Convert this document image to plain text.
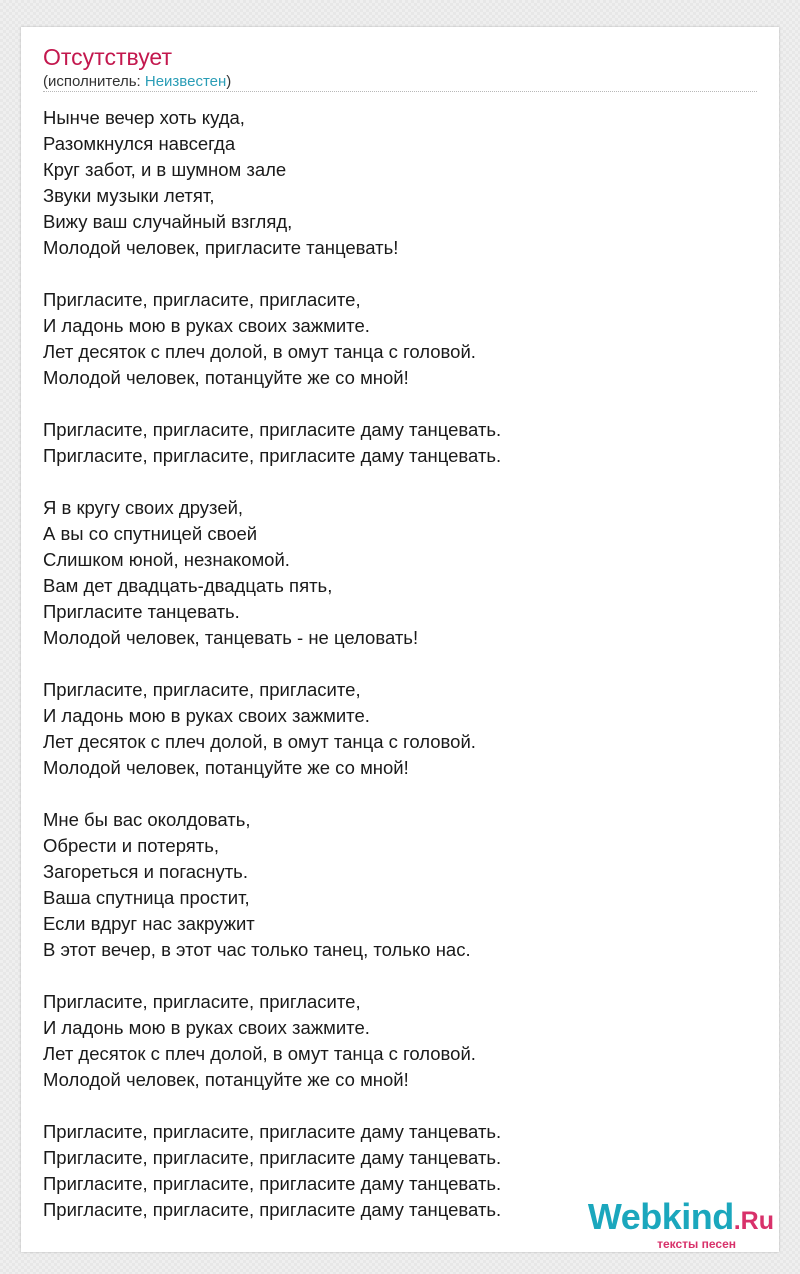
Отсутствует
(исполнитель: Неизвестен)
Нынче вечер хоть куда,
Разомкнулся навсегда
Круг забот, и в шумном зале
Звуки музыки летят,
Вижу ваш случайный взгляд,
Молодой человек, пригласите танцевать!
Пригласите, пригласите, пригласите,
И ладонь мою в руках своих зажмите.
Лет десяток с плеч долой, в омут танца с головой.
Молодой человек, потанцуйте же со мной!
Пригласите, пригласите, пригласите даму танцевать.
Пригласите, пригласите, пригласите даму танцевать.
Я в кругу своих друзей,
А вы со спутницей своей
Слишком юной, незнакомой.
Вам дет двадцать-двадцать пять,
Пригласите танцевать.
Молодой человек, танцевать - не целовать!
Пригласите, пригласите, пригласите,
И ладонь мою в руках своих зажмите.
Лет десяток с плеч долой, в омут танца с головой.
Молодой человек, потанцуйте же со мной!
Мне бы вас околдовать,
Обрести и потерять,
Загореться и погаснуть.
Ваша спутница простит,
Если вдруг нас закружит
В этот вечер, в этот час только танец, только нас.
Пригласите, пригласите, пригласите,
И ладонь мою в руках своих зажмите.
Лет десяток с плеч долой, в омут танца с головой.
Молодой человек, потанцуйте же со мной!
Пригласите, пригласите, пригласите даму танцевать.
Пригласите, пригласите, пригласите даму танцевать.
Пригласите, пригласите, пригласите даму танцевать.
Пригласите, пригласите, пригласите даму танцевать.	Webkind.Ru
тексты песен
